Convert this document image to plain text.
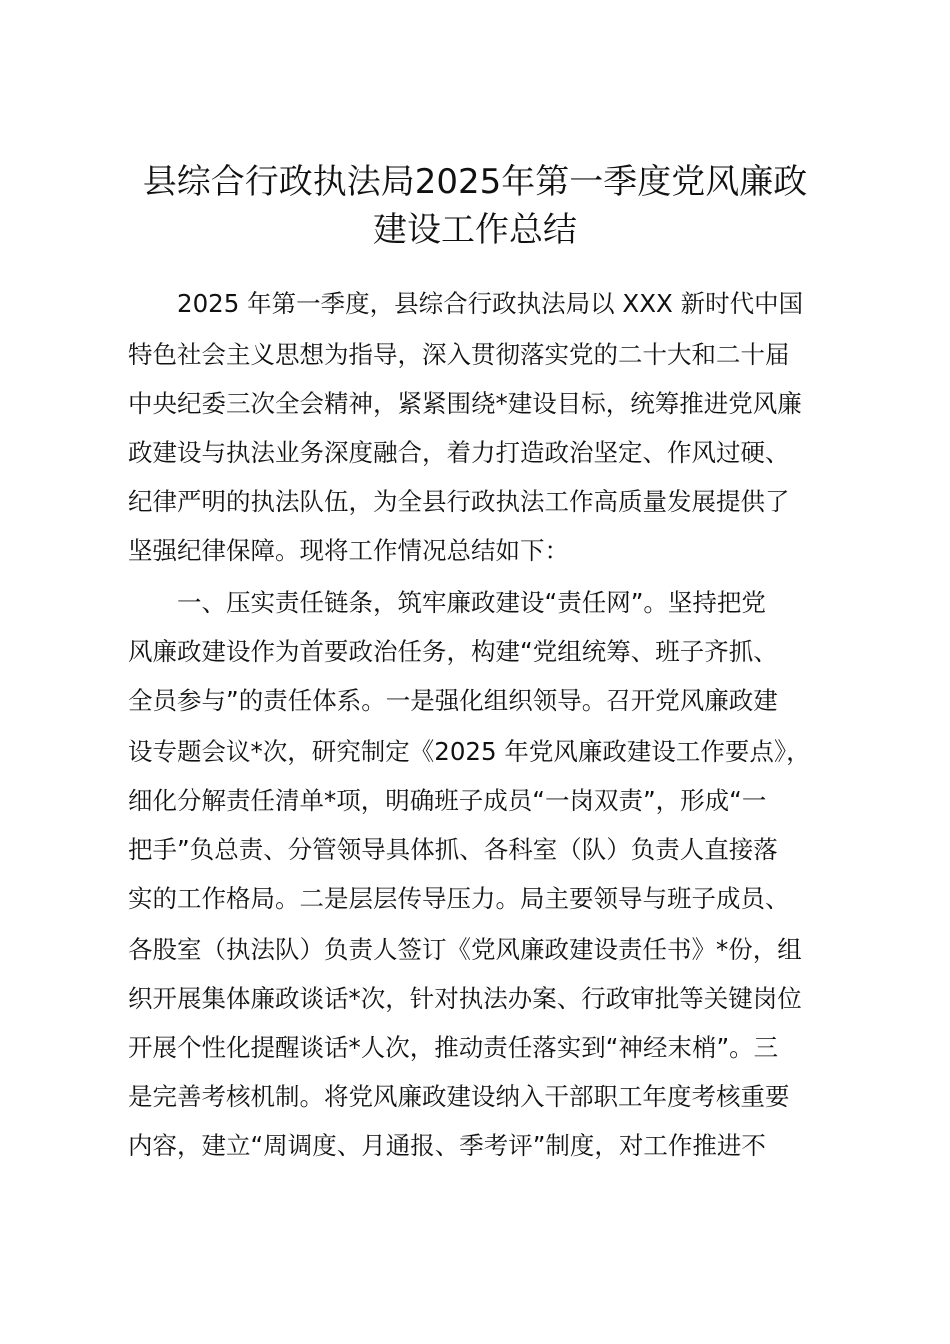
县综合行政执法局2025年第一季度党风廉政
建设工作总结

　　2025 年第一季度，县综合行政执法局以 XXX 新时代中国

特色社会主义思想为指导，深入贯彻落实党的二十大和二十届

中央纪委三次全会精神，紧紧围绕*建设目标，统筹推进党风廉

政建设与执法业务深度融合，着力打造政治坚定、作风过硬、

纪律严明的执法队伍，为全县行政执法工作高质量发展提供了

坚强纪律保障。现将工作情况总结如下：

　　一、压实责任链条，筑牢廉政建设“责任网”。坚持把党

风廉政建设作为首要政治任务，构建“党组统筹、班子齐抓、

全员参与”的责任体系。一是强化组织领导。召开党风廉政建

设专题会议*次，研究制定《2025 年党风廉政建设工作要点》，

细化分解责任清单*项，明确班子成员“一岗双责”，形成“一

把手”负总责、分管领导具体抓、各科室（队）负责人直接落

实的工作格局。二是层层传导压力。局主要领导与班子成员、

各股室（执法队）负责人签订《党风廉政建设责任书》*份，组

织开展集体廉政谈话*次，针对执法办案、行政审批等关键岗位

开展个性化提醒谈话*人次，推动责任落实到“神经末梢”。三

是完善考核机制。将党风廉政建设纳入干部职工年度考核重要

内容，建立“周调度、月通报、季考评”制度，对工作推进不
